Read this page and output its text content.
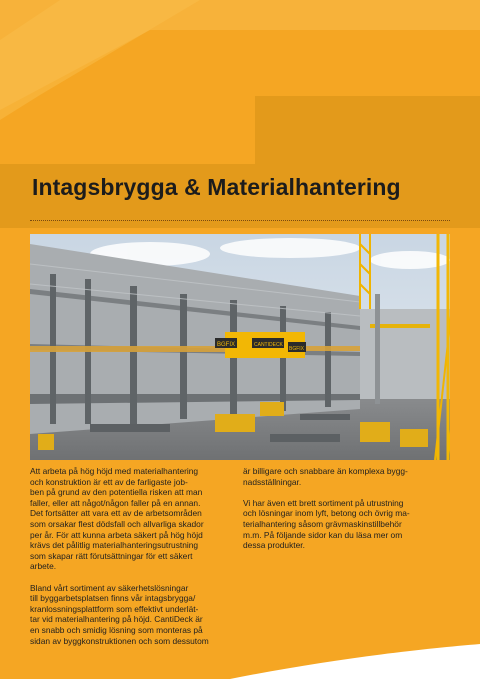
Intagsbrygga & Materialhantering
BGFIX	CANTIDECK
BGFIX

Att arbeta på hög höjd med materialhantering
och konstruktion är ett av de farligaste job-
ben på grund av den potentiella risken att man
faller, eller att något/någon faller på en annan.
Det fortsätter att vara ett av de arbetsområden
som orsakar flest dödsfall och allvarliga skador
per år. För att kunna arbeta säkert på hög höjd
krävs det pålitlig materialhanteringsutrustning
som skapar rätt förutsättningar för ett säkert
arbete.

Bland vårt sortiment av säkerhetslösningar
till byggarbetsplatsen finns vår intagsbrygga/
kranlossningsplattform som effektivt underlät-
tar vid materialhantering på höjd. CantiDeck är
en snabb och smidig lösning som monteras på
sidan av byggkonstruktionen och som dessutom

är billigare och snabbare än komplexa bygg-
nadsställningar.

Vi har även ett brett sortiment på utrustning
och lösningar inom lyft, betong och övrig ma-
terialhantering såsom grävmaskinstillbehör
m.m. På följande sidor kan du läsa mer om
dessa produkter.
